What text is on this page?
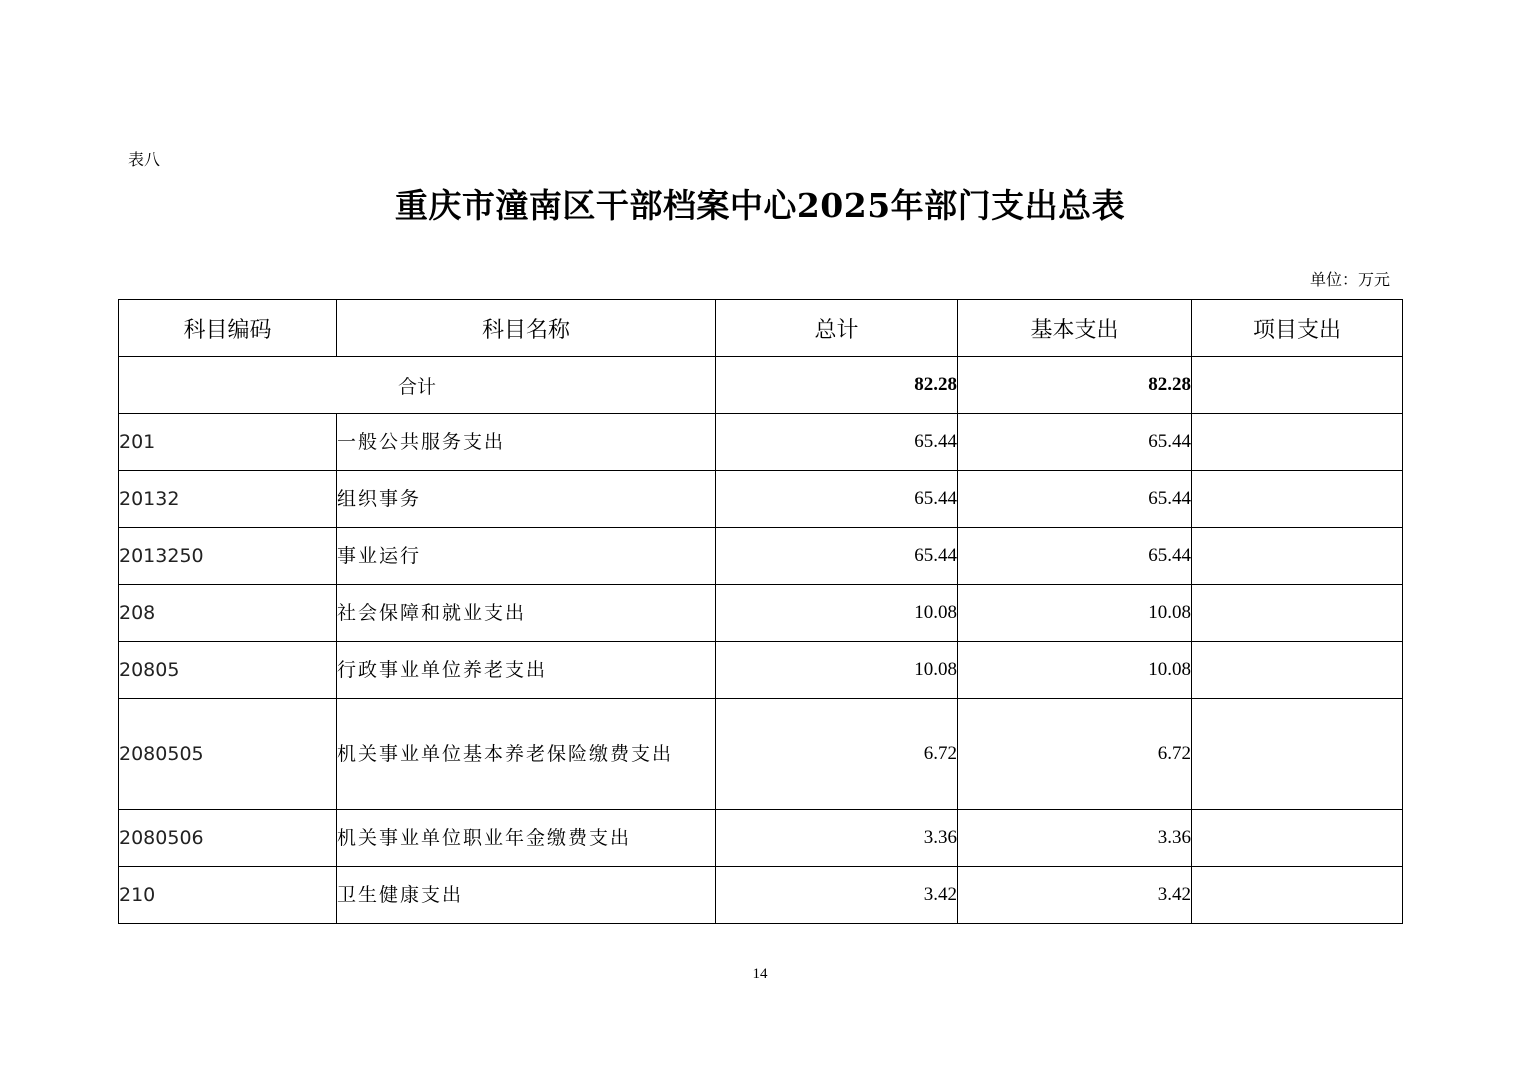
表八
重庆市潼南区干部档案中心2025年部门支出总表
单位：万元
科目编码	科目名称	总计	基本支出	项目支出
合计		82.28	82.28	
201	一般公共服务支出	65.44	65.44	
20132	组织事务	65.44	65.44	
2013250	事业运行	65.44	65.44	
208	社会保障和就业支出	10.08	10.08	
20805	行政事业单位养老支出	10.08	10.08	
2080505	机关事业单位基本养老保险缴费支出	6.72	6.72	
2080506	机关事业单位职业年金缴费支出	3.36	3.36	
210	卫生健康支出	3.42	3.42	
14
